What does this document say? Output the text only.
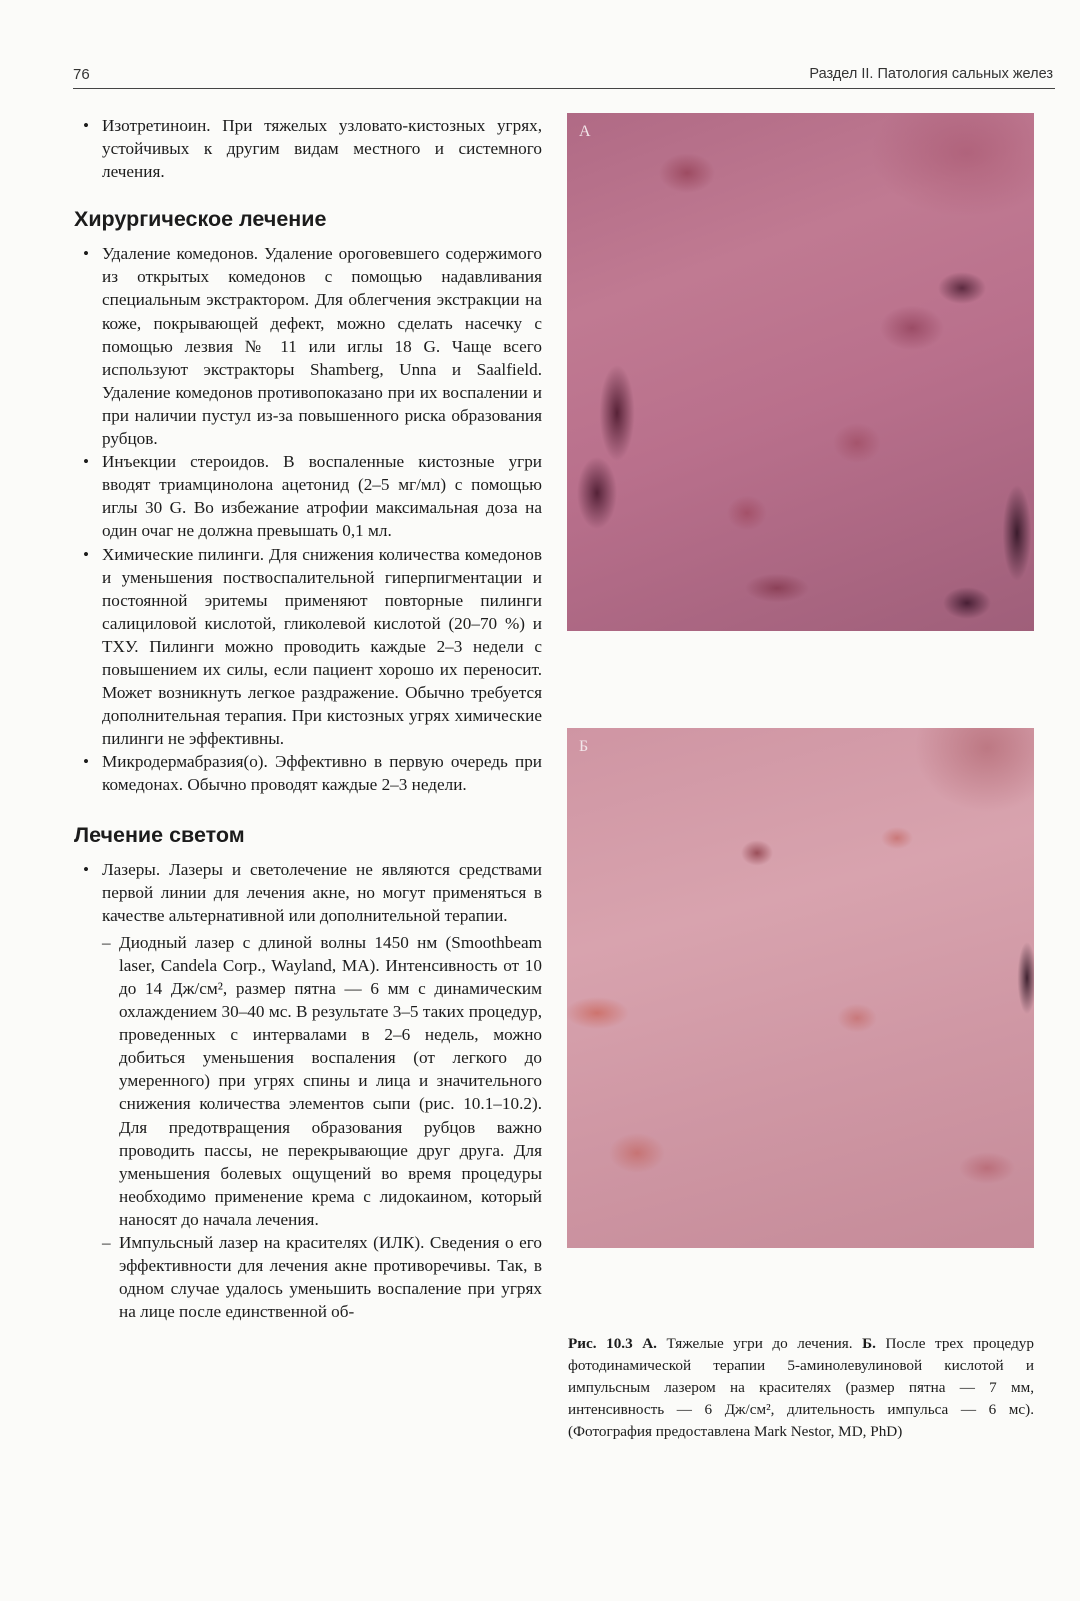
76	Раздел II. Патология сальных желез
• Изотретиноин. При тяжелых узловато-кистозных угрях, устойчивых к другим видам местного и системного лечения.
Хирургическое лечение
• Удаление комедонов. Удаление ороговевшего содержимого из открытых комедонов с помощью надавливания специальным экстрактором. Для облегчения экстракции на коже, покрывающей дефект, можно сделать насечку с помощью лезвия № 11 или иглы 18 G. Чаще всего используют экстракторы Shamberg, Unna и Saalfield. Удаление комедонов противопоказано при их воспалении и при наличии пустул из-за повышенного риска образования рубцов.
• Инъекции стероидов. В воспаленные кистозные угри вводят триамцинолона ацетонид (2–5 мг/мл) с помощью иглы 30 G. Во избежание атрофии максимальная доза на один очаг не должна превышать 0,1 мл.
• Химические пилинги. Для снижения количества комедонов и уменьшения поствоспалительной гиперпигментации и постоянной эритемы применяют повторные пилинги салициловой кислотой, гликолевой кислотой (20–70 %) и ТХУ. Пилинги можно проводить каждые 2–3 недели с повышением их силы, если пациент хорошо их переносит. Может возникнуть легкое раздражение. Обычно требуется дополнительная терапия. При кистозных угрях химические пилинги не эффективны.
• Микродермабразия(о). Эффективно в первую очередь при комедонах. Обычно проводят каждые 2–3 недели.
Лечение светом
• Лазеры. Лазеры и светолечение не являются средствами первой линии для лечения акне, но могут применяться в качестве альтернативной или дополнительной терапии.
– Диодный лазер с длиной волны 1450 нм (Smoothbeam laser, Candela Corp., Wayland, MA). Интенсивность от 10 до 14 Дж/см², размер пятна — 6 мм с динамическим охлаждением 30–40 мс. В результате 3–5 таких процедур, проведенных с интервалами в 2–6 недель, можно добиться уменьшения воспаления (от легкого до умеренного) при угрях спины и лица и значительного снижения количества элементов сыпи (рис. 10.1–10.2). Для предотвращения образования рубцов важно проводить пассы, не перекрывающие друг друга. Для уменьшения болевых ощущений во время процедуры необходимо применение крема с лидокаином, который наносят до начала лечения.
– Импульсный лазер на красителях (ИЛК). Сведения о его эффективности для лечения акне противоречивы. Так, в одном случае удалось уменьшить воспаление при угрях на лице после единственной об-
А
Б
Рис. 10.3 А. Тяжелые угри до лечения. Б. После трех процедур фотодинамической терапии 5-аминолевулиновой кислотой и импульсным лазером на красителях (размер пятна — 7 мм, интенсивность — 6 Дж/см², длительность импульса — 6 мс). (Фотография предоставлена Mark Nestor, MD, PhD)
